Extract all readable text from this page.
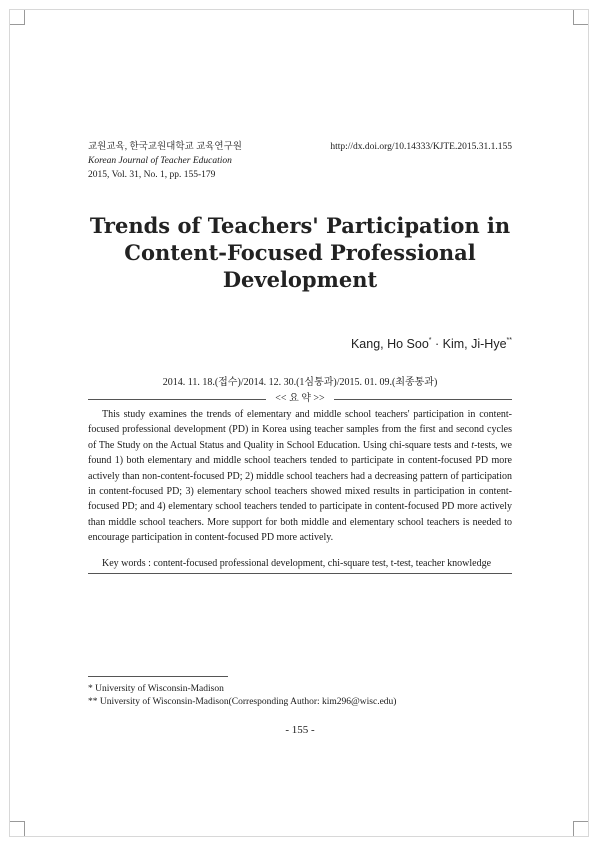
교원교육, 한국교원대학교 교육연구원
Korean Journal of Teacher Education
2015, Vol. 31, No. 1, pp. 155-179
http://dx.doi.org/10.14333/KJTE.2015.31.1.155
Trends of Teachers' Participation in
Content-Focused Professional
Development
Kang, Ho Soo* · Kim, Ji-Hye**
2014. 11. 18.(접수)/2014. 12. 30.(1심통과)/2015. 01. 09.(최종통과)
<< 요 약 >>

This study examines the trends of elementary and middle school teachers' participation in content-focused professional development (PD) in Korea using teacher samples from the first and second cycles of The Study on the Actual Status and Quality in School Education. Using chi-square tests and t-tests, we found 1) both elementary and middle school teachers tended to participate in content-focused PD more actively than non-content-focused PD; 2) middle school teachers had a decreasing pattern of participation in content-focused PD; 3) elementary school teachers showed mixed results in participation in content-focused PD; and 4) elementary school teachers tended to participate in content-focused PD more actively than middle school teachers. More support for both middle and elementary school teachers is needed to encourage participation in content-focused PD more actively.

Key words : content-focused professional development, chi-square test, t-test, teacher knowledge
* University of Wisconsin-Madison
** University of Wisconsin-Madison(Corresponding Author: kim296@wisc.edu)
- 155 -
